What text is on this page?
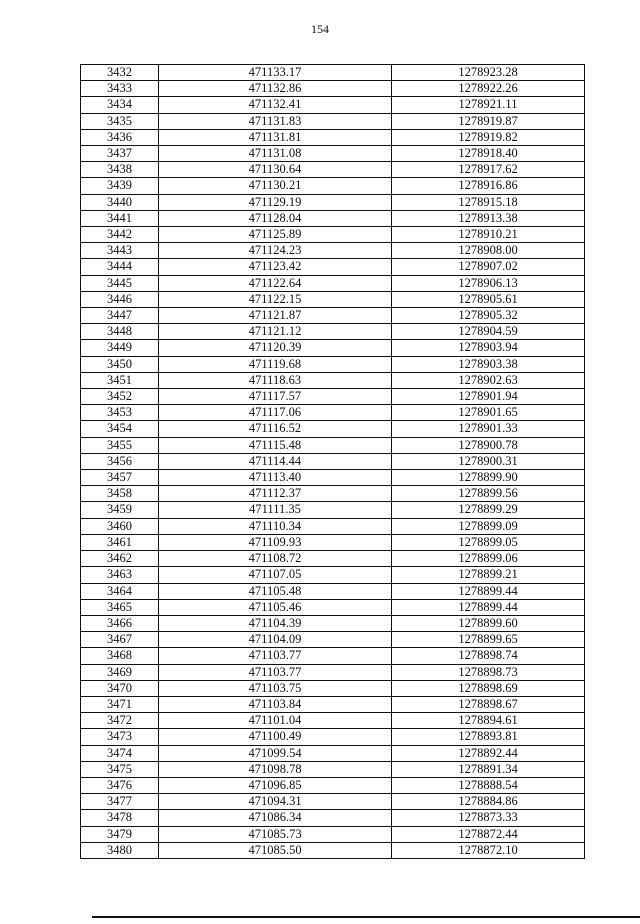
154
3432	471133.17	1278923.28
3433	471132.86	1278922.26
3434	471132.41	1278921.11
3435	471131.83	1278919.87
3436	471131.81	1278919.82
3437	471131.08	1278918.40
3438	471130.64	1278917.62
3439	471130.21	1278916.86
3440	471129.19	1278915.18
3441	471128.04	1278913.38
3442	471125.89	1278910.21
3443	471124.23	1278908.00
3444	471123.42	1278907.02
3445	471122.64	1278906.13
3446	471122.15	1278905.61
3447	471121.87	1278905.32
3448	471121.12	1278904.59
3449	471120.39	1278903.94
3450	471119.68	1278903.38
3451	471118.63	1278902.63
3452	471117.57	1278901.94
3453	471117.06	1278901.65
3454	471116.52	1278901.33
3455	471115.48	1278900.78
3456	471114.44	1278900.31
3457	471113.40	1278899.90
3458	471112.37	1278899.56
3459	471111.35	1278899.29
3460	471110.34	1278899.09
3461	471109.93	1278899.05
3462	471108.72	1278899.06
3463	471107.05	1278899.21
3464	471105.48	1278899.44
3465	471105.46	1278899.44
3466	471104.39	1278899.60
3467	471104.09	1278899.65
3468	471103.77	1278898.74
3469	471103.77	1278898.73
3470	471103.75	1278898.69
3471	471103.84	1278898.67
3472	471101.04	1278894.61
3473	471100.49	1278893.81
3474	471099.54	1278892.44
3475	471098.78	1278891.34
3476	471096.85	1278888.54
3477	471094.31	1278884.86
3478	471086.34	1278873.33
3479	471085.73	1278872.44
3480	471085.50	1278872.10
